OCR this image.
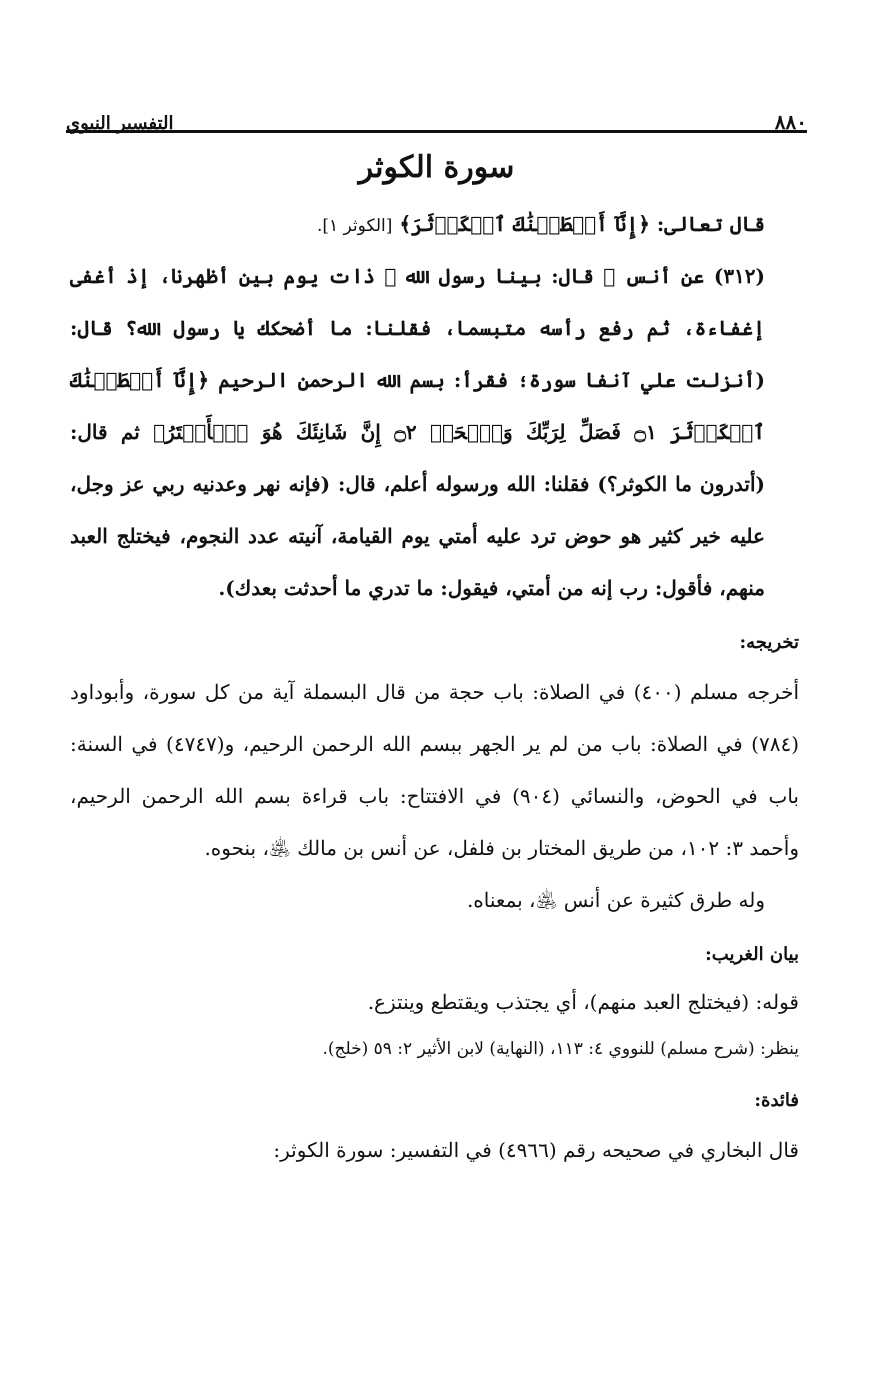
٨٨٠
التفسير النبوي
سورة الكوثر

قال تعالى: ﴿إِنَّآ أَعۡطَيۡنَٰكَ ٱلۡكَوۡثَرَ﴾ [الكوثر ١].

(٣١٢) عن أنس ﵁ قال: بينا رسول الله ﷺ ذات يوم بين أظهرنا، إذ أغفى إغفاءة، ثم رفع رأسه متبسما، فقلنا: ما أضحكك يا رسول الله؟ قال: (أنزلت علي آنفا سورة؛ فقرأ: بسم الله الرحمن الرحيم ﴿إِنَّآ أَعۡطَيۡنَٰكَ ٱلۡكَوۡثَرَ ۝١ فَصَلِّ لِرَبِّكَ وَٱنۡحَرۡ ۝٢ إِنَّ شَانِئَكَ هُوَ ٱلۡأَبۡتَرُ﴾ ثم قال: (أتدرون ما الكوثر؟) فقلنا: الله ورسوله أعلم، قال: (فإنه نهر وعدنيه ربي عز وجل، عليه خير كثير هو حوض ترد عليه أمتي يوم القيامة، آنيته عدد النجوم، فيختلج العبد منهم، فأقول: رب إنه من أمتي، فيقول: ما تدري ما أحدثت بعدك).

تخريجه:

أخرجه مسلم (٤٠٠) في الصلاة: باب حجة من قال البسملة آية من كل سورة، وأبوداود (٧٨٤) في الصلاة: باب من لم ير الجهر ببسم الله الرحمن الرحيم، و(٤٧٤٧) في السنة: باب في الحوض، والنسائي (٩٠٤) في الافتتاح: باب قراءة بسم الله الرحمن الرحيم، وأحمد ٣: ١٠٢، من طريق المختار بن فلفل، عن أنس بن مالك ﵁، بنحوه.

وله طرق كثيرة عن أنس ﵁، بمعناه.

بيان الغريب:

قوله: (فيختلج العبد منهم)، أي يجتذب ويقتطع وينتزع.

ينظر: (شرح مسلم) للنووي ٤: ١١٣، (النهاية) لابن الأثير ٢: ٥٩ (خلج).

فائدة:

قال البخاري في صحيحه رقم (٤٩٦٦) في التفسير: سورة الكوثر:
